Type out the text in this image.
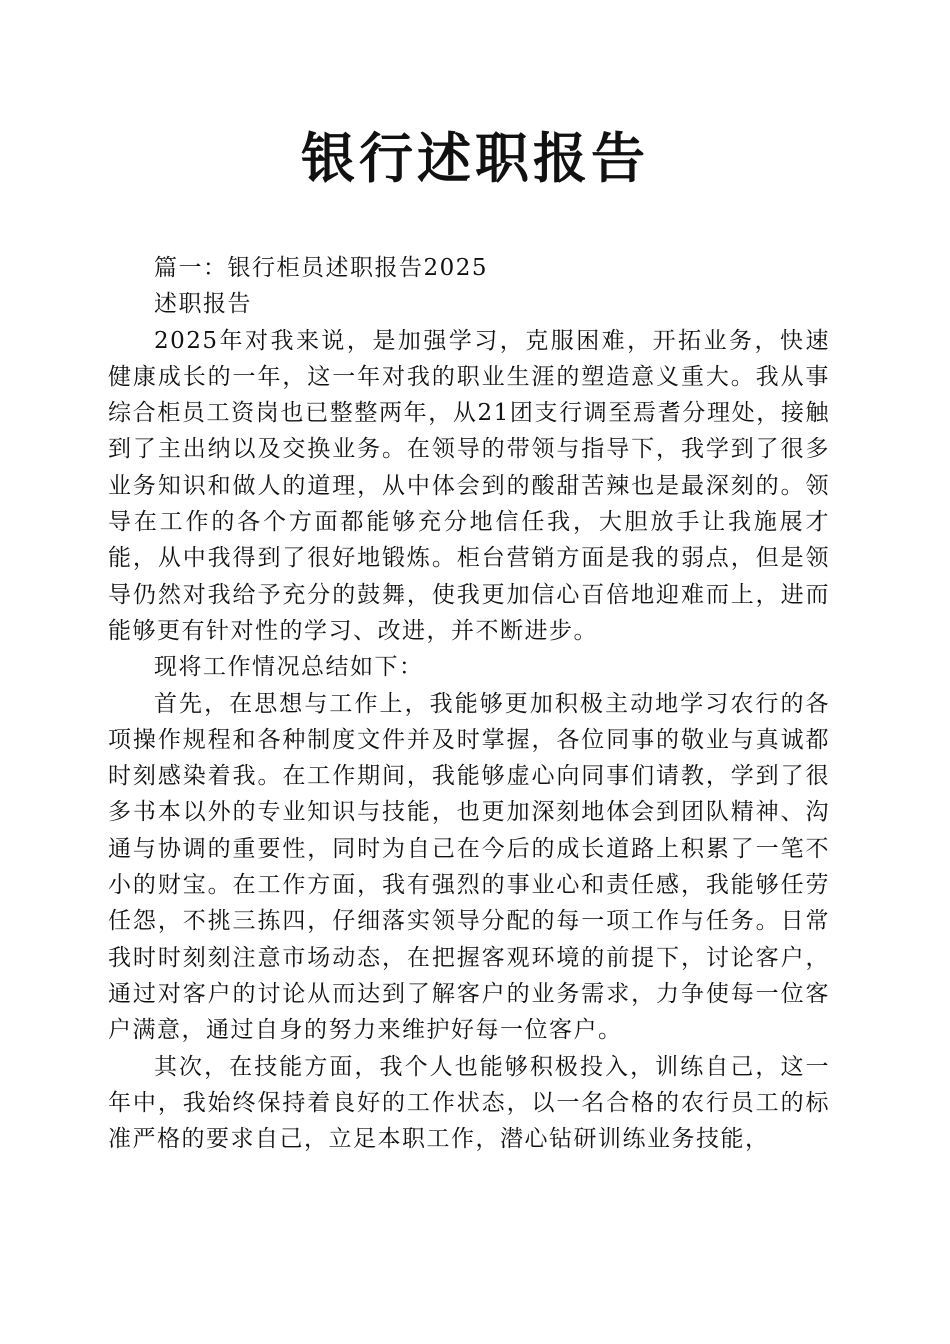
银行述职报告

篇一：银行柜员述职报告2025

述职报告

2025年对我来说，是加强学习，克服困难，开拓业务，快速健康成长的一年，这一年对我的职业生涯的塑造意义重大。我从事综合柜员工资岗也已整整两年，从21团支行调至焉耆分理处，接触到了主出纳以及交换业务。在领导的带领与指导下，我学到了很多业务知识和做人的道理，从中体会到的酸甜苦辣也是最深刻的。领导在工作的各个方面都能够充分地信任我，大胆放手让我施展才能，从中我得到了很好地锻炼。柜台营销方面是我的弱点，但是领导仍然对我给予充分的鼓舞，使我更加信心百倍地迎难而上，进而能够更有针对性的学习、改进，并不断进步。

现将工作情况总结如下：

首先，在思想与工作上，我能够更加积极主动地学习农行的各项操作规程和各种制度文件并及时掌握，各位同事的敬业与真诚都时刻感染着我。在工作期间，我能够虚心向同事们请教，学到了很多书本以外的专业知识与技能，也更加深刻地体会到团队精神、沟通与协调的重要性，同时为自己在今后的成长道路上积累了一笔不小的财宝。在工作方面，我有强烈的事业心和责任感，我能够任劳任怨，不挑三拣四，仔细落实领导分配的每一项工作与任务。日常我时时刻刻注意市场动态，在把握客观环境的前提下，讨论客户，通过对客户的讨论从而达到了解客户的业务需求，力争使每一位客户满意，通过自身的努力来维护好每一位客户。

其次，在技能方面，我个人也能够积极投入，训练自己，这一年中，我始终保持着良好的工作状态，以一名合格的农行员工的标准严格的要求自己，立足本职工作，潜心钻研训练业务技能，
